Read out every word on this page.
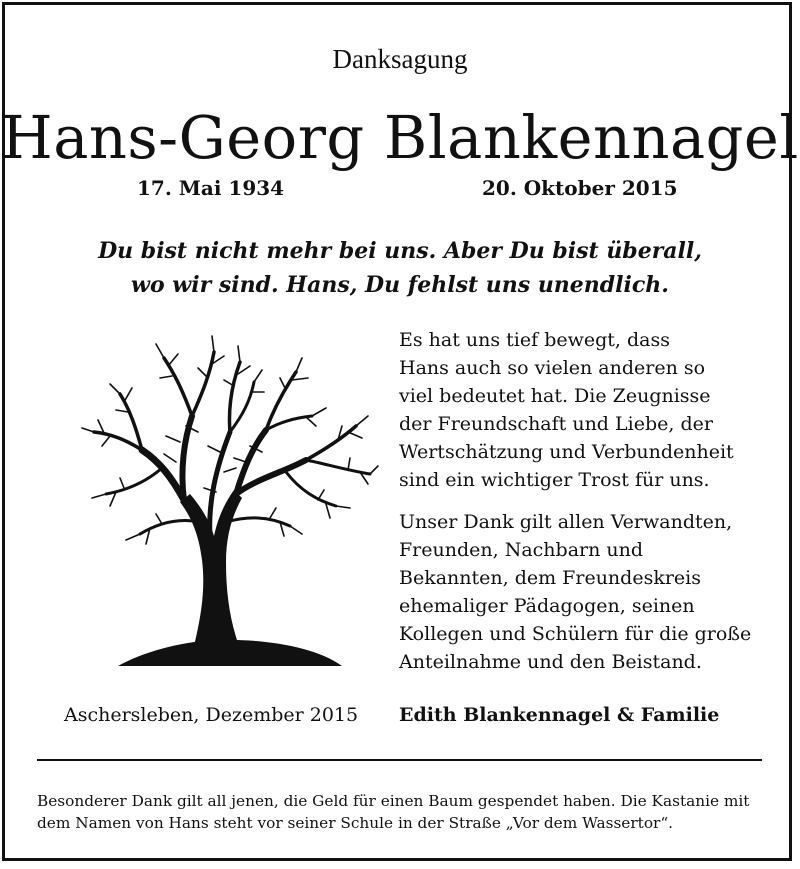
Danksagung
Hans-Georg Blankennagel
17. Mai 1934	20. Oktober 2015
Du bist nicht mehr bei uns. Aber Du bist überall,
wo wir sind. Hans, Du fehlst uns unendlich.

Es hat uns tief bewegt, dass
Hans auch so vielen anderen so
viel bedeutet hat. Die Zeugnisse
der Freundschaft und Liebe, der
Wertschätzung und Verbundenheit
sind ein wichtiger Trost für uns.

Unser Dank gilt allen Verwandten,
Freunden, Nachbarn und
Bekannten, dem Freundeskreis
ehemaliger Pädagogen, seinen
Kollegen und Schülern für die große
Anteilnahme und den Beistand.

Aschersleben, Dezember 2015 Edith Blankennagel & Familie
Besonderer Dank gilt all jenen, die Geld für einen Baum gespendet haben. Die Kastanie mit
dem Namen von Hans steht vor seiner Schule in der Straße „Vor dem Wassertor“.
